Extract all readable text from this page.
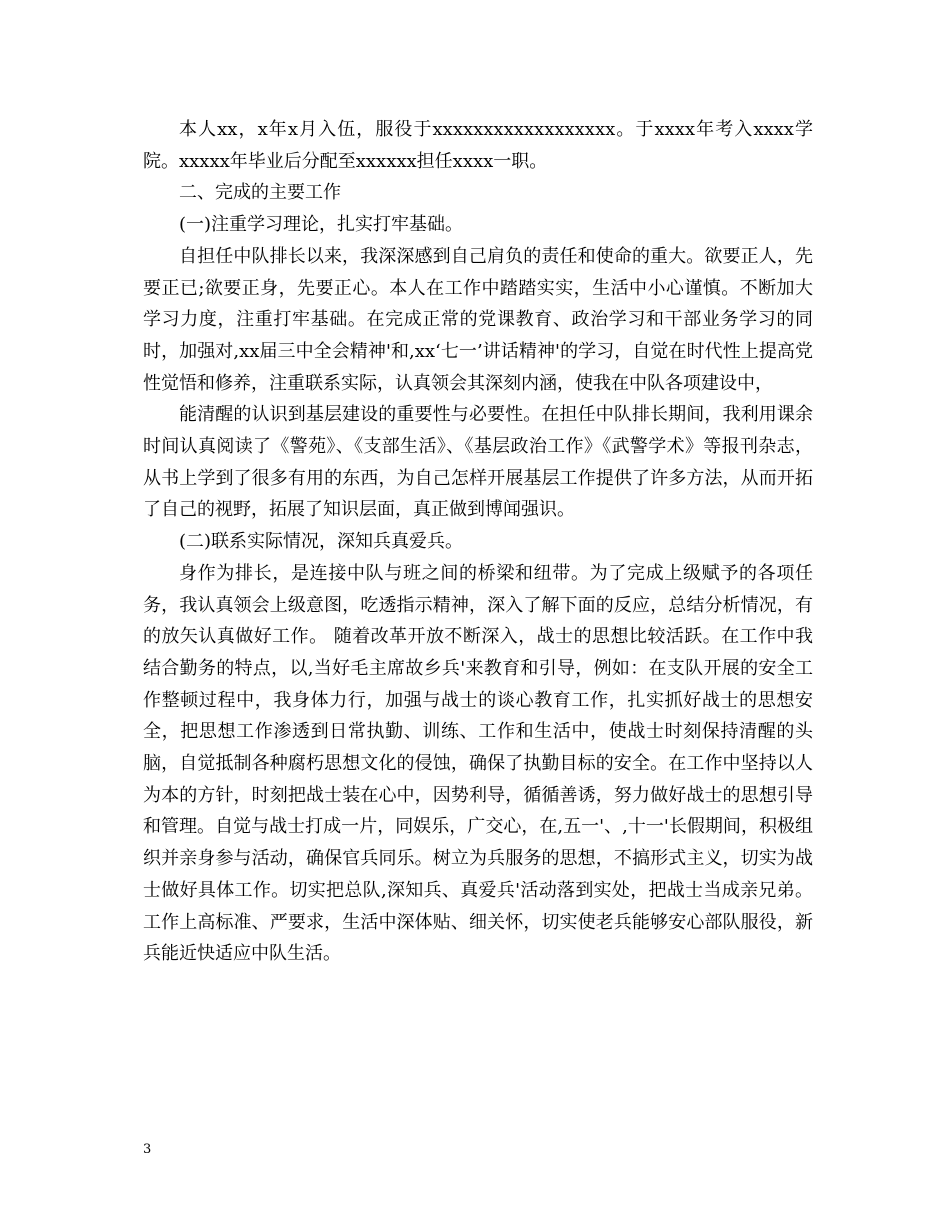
本人xx，x年x月入伍，服役于xxxxxxxxxxxxxxxxxx。于xxxx年考入xxxx学院。xxxxx年毕业后分配至xxxxxx担任xxxx一职。

二、完成的主要工作

(一)注重学习理论，扎实打牢基础。

自担任中队排长以来，我深深感到自己肩负的责任和使命的重大。欲要正人，先要正已;欲要正身，先要正心。本人在工作中踏踏实实，生活中小心谨慎。不断加大学习力度，注重打牢基础。在完成正常的党课教育、政治学习和干部业务学习的同时，加强对,xx届三中全会精神'和,xx‘七一’讲话精神'的学习，自觉在时代性上提高党性觉悟和修养，注重联系实际，认真领会其深刻内涵，使我在中队各项建设中，

能清醒的认识到基层建设的重要性与必要性。在担任中队排长期间，我利用课余时间认真阅读了《警苑》、《支部生活》、《基层政治工作》《武警学术》等报刊杂志，从书上学到了很多有用的东西，为自己怎样开展基层工作提供了许多方法，从而开拓了自己的视野，拓展了知识层面，真正做到博闻强识。

(二)联系实际情况，深知兵真爱兵。

身作为排长，是连接中队与班之间的桥梁和纽带。为了完成上级赋予的各项任务，我认真领会上级意图，吃透指示精神，深入了解下面的反应，总结分析情况，有的放矢认真做好工作。 随着改革开放不断深入，战士的思想比较活跃。在工作中我结合勤务的特点，以,当好毛主席故乡兵'来教育和引导，例如：在支队开展的安全工作整顿过程中，我身体力行，加强与战士的谈心教育工作，扎实抓好战士的思想安全，把思想工作渗透到日常执勤、训练、工作和生活中，使战士时刻保持清醒的头脑，自觉抵制各种腐朽思想文化的侵蚀，确保了执勤目标的安全。在工作中坚持以人为本的方针，时刻把战士装在心中，因势利导，循循善诱，努力做好战士的思想引导和管理。自觉与战士打成一片，同娱乐，广交心，在,五一'、,十一'长假期间，积极组织并亲身参与活动，确保官兵同乐。树立为兵服务的思想，不搞形式主义，切实为战士做好具体工作。切实把总队,深知兵、真爱兵'活动落到实处，把战士当成亲兄弟。工作上高标准、严要求，生活中深体贴、细关怀，切实使老兵能够安心部队服役，新兵能近快适应中队生活。

3
